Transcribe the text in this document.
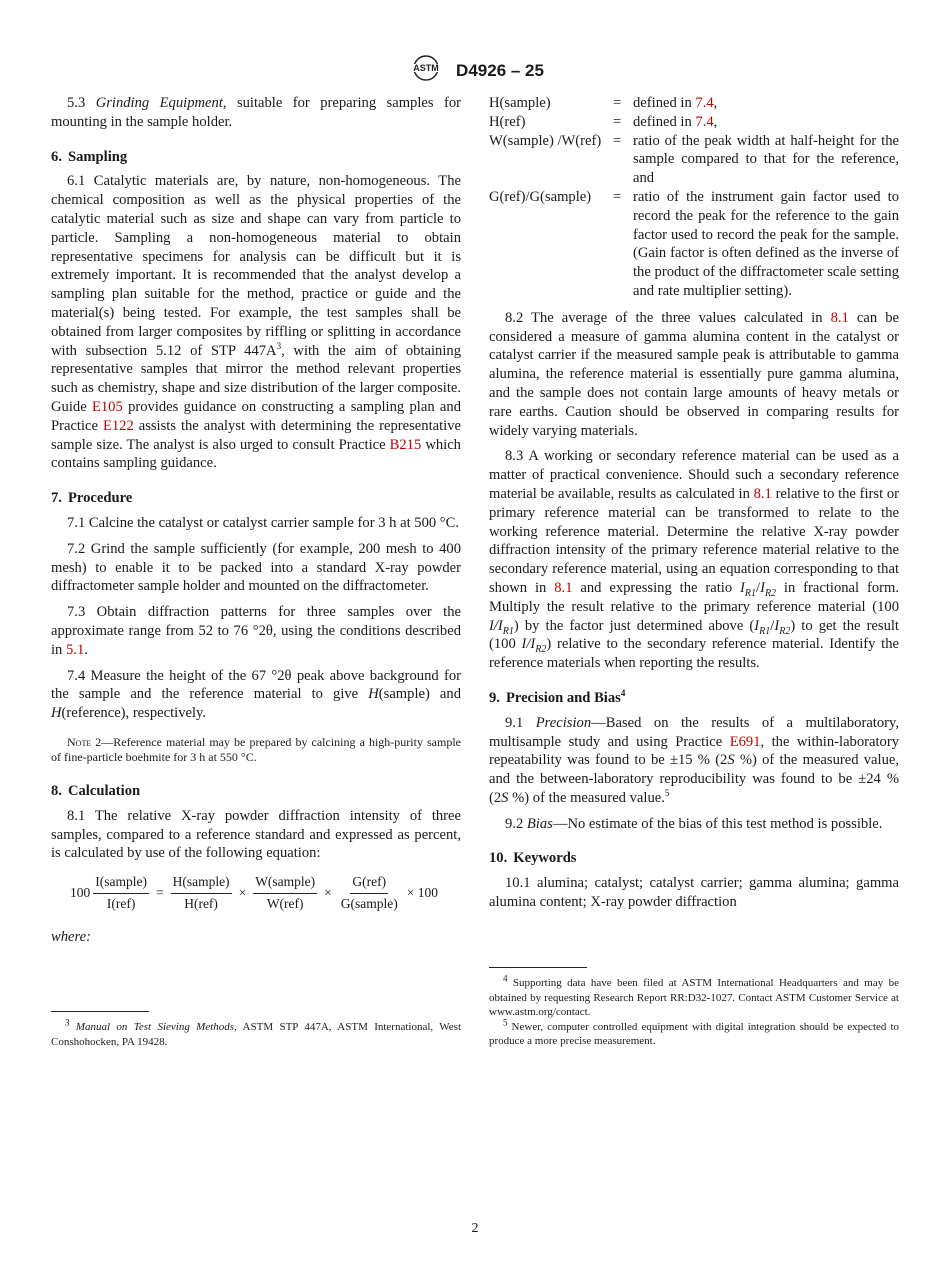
ASTM D4926 – 25

5.3 Grinding Equipment, suitable for preparing samples for mounting in the sample holder.

6. Sampling

6.1 Catalytic materials are, by nature, non-homogeneous. The chemical composition as well as the physical properties of the catalytic material such as size and shape can vary from particle to particle. Sampling a non-homogeneous material to obtain representative specimens for analysis can be difficult but it is extremely important. It is recommended that the analyst develop a sampling plan suitable for the method, practice or guide and the material(s) being tested. For example, the test samples shall be obtained from larger composites by riffling or splitting in accordance with subsection 5.12 of STP $447A^3$, with the aim of obtaining representative samples that mirror the method relevant properties such as chemistry, shape and size distribution of the larger composite. Guide E105 provides guidance on constructing a sampling plan and Practice E122 assists the analyst with determining the representative sample size. The analyst is also urged to consult Practice B215 which contains sampling guidance.

7. Procedure

7.1 Calcine the catalyst or catalyst carrier sample for 3 h at 500 °C.

7.2 Grind the sample sufficiently (for example, 200 mesh to 400 mesh) to enable it to be packed into a standard X-ray powder diffractometer sample holder and mounted on the diffractometer.

7.3 Obtain diffraction patterns for three samples over the approximate range from 52 to 76 °2θ, using the conditions described in 5.1.

7.4 Measure the height of the 67 °2θ peak above background for the sample and the reference material to give H(sample) and H(reference), respectively.

Note 2—Reference material may be prepared by calcining a high-purity sample of fine-particle boehmite for 3 h at 550 °C.

8. Calculation

8.1 The relative X-ray powder diffraction intensity of three samples, compared to a reference standard and expressed as percent, is calculated by use of the following equation:

$100 \frac{\text{I(sample)}}{\text{I(ref)}} = \frac{\text{H(sample)}}{\text{H(ref)}} \times \frac{\text{W(sample)}}{\text{W(ref)}} \times \frac{\text{G(ref)}}{\text{G(sample)}} \times 100$

where:

$^3$ Manual on Test Sieving Methods, ASTM STP 447A, ASTM International, West Conshohocken, PA 19428.

H(sample)	=	defined in 7.4,
H(ref)	=	defined in 7.4,
W(sample) /W(ref)	=	ratio of the peak width at half-height for the sample compared to that for the reference, and
G(ref)/G(sample)	=	ratio of the instrument gain factor used to record the peak for the reference to the gain factor used to record the peak for the sample. (Gain factor is often defined as the inverse of the product of the diffractometer scale setting and rate multiplier setting).

8.2 The average of the three values calculated in 8.1 can be considered a measure of gamma alumina content in the catalyst or catalyst carrier if the measured sample peak is attributable to gamma alumina, the reference material is essentially pure gamma alumina, and the sample does not contain large amounts of heavy metals or rare earths. Caution should be observed in comparing results for widely varying materials.

8.3 A working or secondary reference material can be used as a matter of practical convenience. Should such a secondary reference material be available, results as calculated in 8.1 relative to the first or primary reference material can be transformed to relate to the working reference material. Determine the relative X-ray powder diffraction intensity of the primary reference material relative to the secondary reference material, using an equation corresponding to that shown in 8.1 and expressing the ratio $I_{R1}/I_{R2}$ in fractional form. Multiply the result relative to the primary reference material (100 $I/I_{R1}$) by the factor just determined above $(I_{R1}/I_{R2})$ to get the result (100 $I/I_{R2}$) relative to the secondary reference material. Identify the reference materials when reporting the results.

9. Precision and Bias$^4$

9.1 Precision—Based on the results of a multilaboratory, multisample study and using Practice E691, the within-laboratory repeatability was found to be ±15 % (2S %) of the measured value, and the between-laboratory reproducibility was found to be ±24 % (2S %) of the measured value.$^5$

9.2 Bias—No estimate of the bias of this test method is possible.

10. Keywords

10.1 alumina; catalyst; catalyst carrier; gamma alumina; gamma alumina content; X-ray powder diffraction

$^4$ Supporting data have been filed at ASTM International Headquarters and may be obtained by requesting Research Report RR:D32-1027. Contact ASTM Customer Service at www.astm.org/contact.

$^5$ Newer, computer controlled equipment with digital integration should be expected to produce a more precise measurement.

2
